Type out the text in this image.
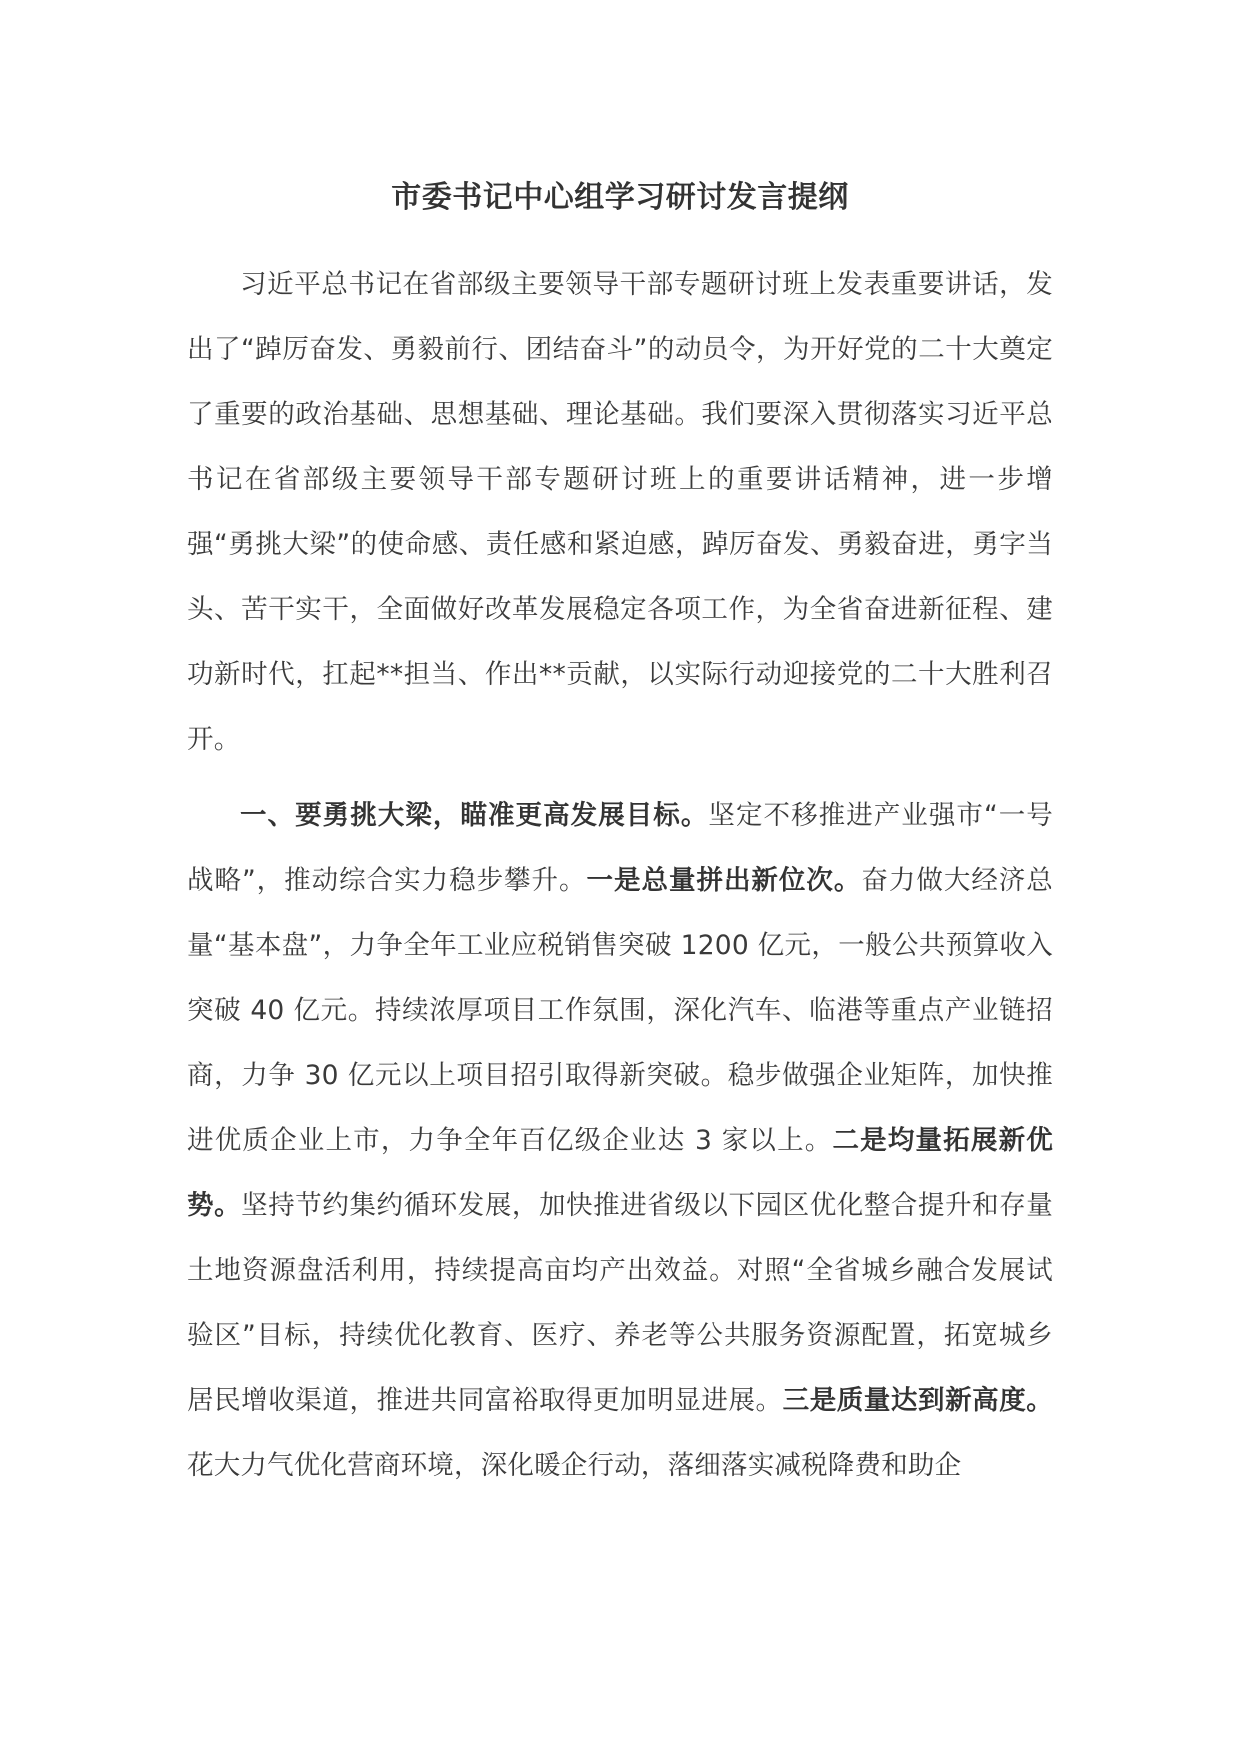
市委书记中心组学习研讨发言提纲

习近平总书记在省部级主要领导干部专题研讨班上发表重要讲话，发出了“踔厉奋发、勇毅前行、团结奋斗”的动员令，为开好党的二十大奠定了重要的政治基础、思想基础、理论基础。我们要深入贯彻落实习近平总书记在省部级主要领导干部专题研讨班上的重要讲话精神，进一步增强“勇挑大梁”的使命感、责任感和紧迫感，踔厉奋发、勇毅奋进，勇字当头、苦干实干，全面做好改革发展稳定各项工作，为全省奋进新征程、建功新时代，扛起**担当、作出**贡献，以实际行动迎接党的二十大胜利召开。

一、要勇挑大梁，瞄准更高发展目标。坚定不移推进产业强市“一号战略”，推动综合实力稳步攀升。一是总量拼出新位次。奋力做大经济总量“基本盘”，力争全年工业应税销售突破 1200 亿元，一般公共预算收入突破 40 亿元。持续浓厚项目工作氛围，深化汽车、临港等重点产业链招商，力争 30 亿元以上项目招引取得新突破。稳步做强企业矩阵，加快推进优质企业上市，力争全年百亿级企业达 3 家以上。二是均量拓展新优势。坚持节约集约循环发展，加快推进省级以下园区优化整合提升和存量土地资源盘活利用，持续提高亩均产出效益。对照“全省城乡融合发展试验区”目标，持续优化教育、医疗、养老等公共服务资源配置，拓宽城乡居民增收渠道，推进共同富裕取得更加明显进展。三是质量达到新高度。花大力气优化营商环境，深化暖企行动，落细落实减税降费和助企
